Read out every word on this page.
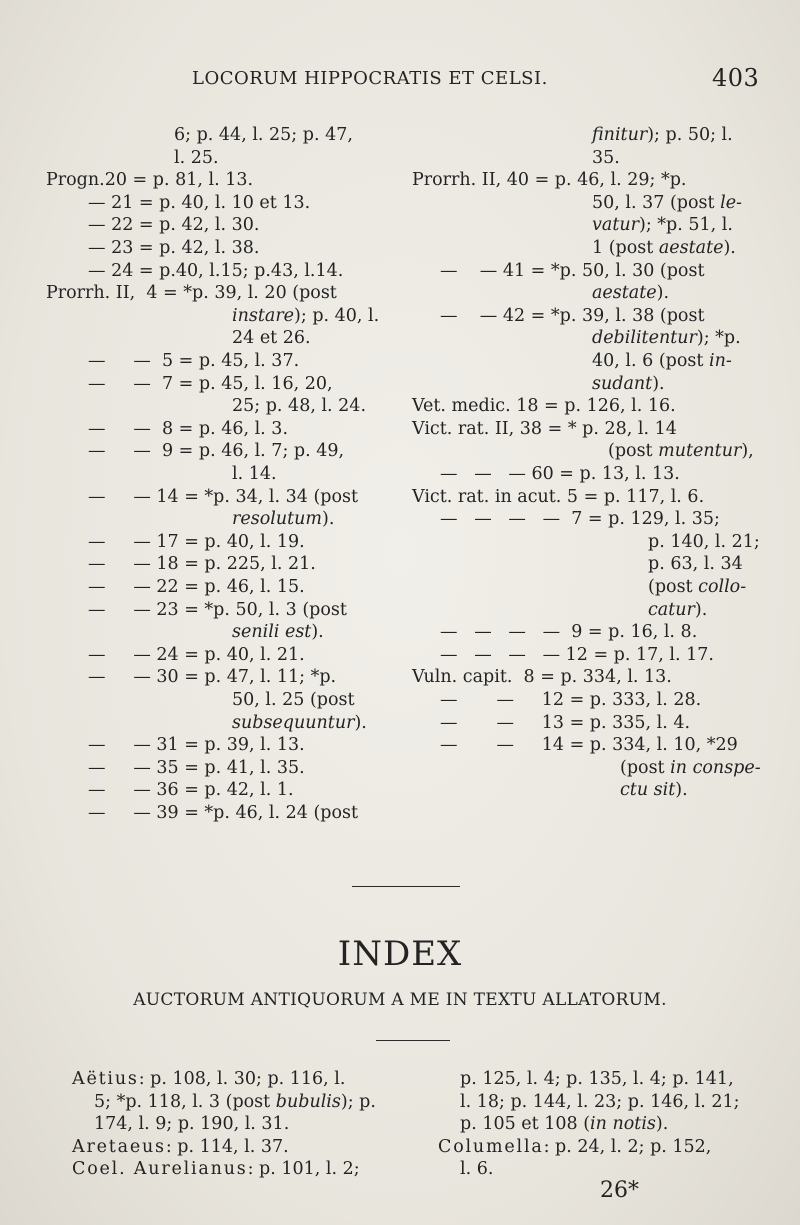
LOCORUM HIPPOCRATIS ET CELSI.	403
6; p. 44, l. 25; p. 47,
l. 25.
Progn.20 = p. 81, l. 13.
— 21 = p. 40, l. 10 et 13.
— 22 = p. 42, l. 30.
— 23 = p. 42, l. 38.
— 24 = p.40, l.15; p.43, l.14.
Prorrh. II,  4 = *p. 39, l. 20 (post
instare); p. 40, l.
24 et 26.
—     —  5 = p. 45, l. 37.
—     —  7 = p. 45, l. 16, 20,
25; p. 48, l. 24.
—     —  8 = p. 46, l. 3.
—     —  9 = p. 46, l. 7; p. 49,
l. 14.
—     — 14 = *p. 34, l. 34 (post
resolutum).
—     — 17 = p. 40, l. 19.
—     — 18 = p. 225, l. 21.
—     — 22 = p. 46, l. 15.
—     — 23 = *p. 50, l. 3 (post
senili est).
—     — 24 = p. 40, l. 21.
—     — 30 = p. 47, l. 11; *p.
50, l. 25 (post
subsequuntur).
—     — 31 = p. 39, l. 13.
—     — 35 = p. 41, l. 35.
—     — 36 = p. 42, l. 1.
—     — 39 = *p. 46, l. 24 (post
finitur); p. 50; l.
35.
Prorrh. II, 40 = p. 46, l. 29; *p.
50, l. 37 (post le-
vatur); *p. 51, l.
1 (post aestate).
—    — 41 = *p. 50, l. 30 (post
aestate).
—    — 42 = *p. 39, l. 38 (post
debilitentur); *p.
40, l. 6 (post in-
sudant).
Vet. medic. 18 = p. 126, l. 16.
Vict. rat. II, 38 = * p. 28, l. 14
(post mutentur),
—   —   — 60 = p. 13, l. 13.
Vict. rat. in acut. 5 = p. 117, l. 6.
—   —   —   —  7 = p. 129, l. 35;
p. 140, l. 21;
p. 63, l. 34
(post collo-
catur).
—   —   —   —  9 = p. 16, l. 8.
—   —   —   — 12 = p. 17, l. 17.
Vuln. capit.  8 = p. 334, l. 13.
—       —     12 = p. 333, l. 28.
—       —     13 = p. 335, l. 4.
—       —     14 = p. 334, l. 10, *29
(post in conspe-
ctu sit).
INDEX
AUCTORUM ANTIQUORUM A ME IN TEXTU ALLATORUM.
Aëtius: p. 108, l. 30; p. 116, l.
5; *p. 118, l. 3 (post bubulis); p.
174, l. 9; p. 190, l. 31.
Aretaeus: p. 114, l. 37.
Coel. Aurelianus: p. 101, l. 2;
p. 125, l. 4; p. 135, l. 4; p. 141,
l. 18; p. 144, l. 23; p. 146, l. 21;
p. 105 et 108 (in notis).
Columella: p. 24, l. 2; p. 152,
l. 6.
26*
